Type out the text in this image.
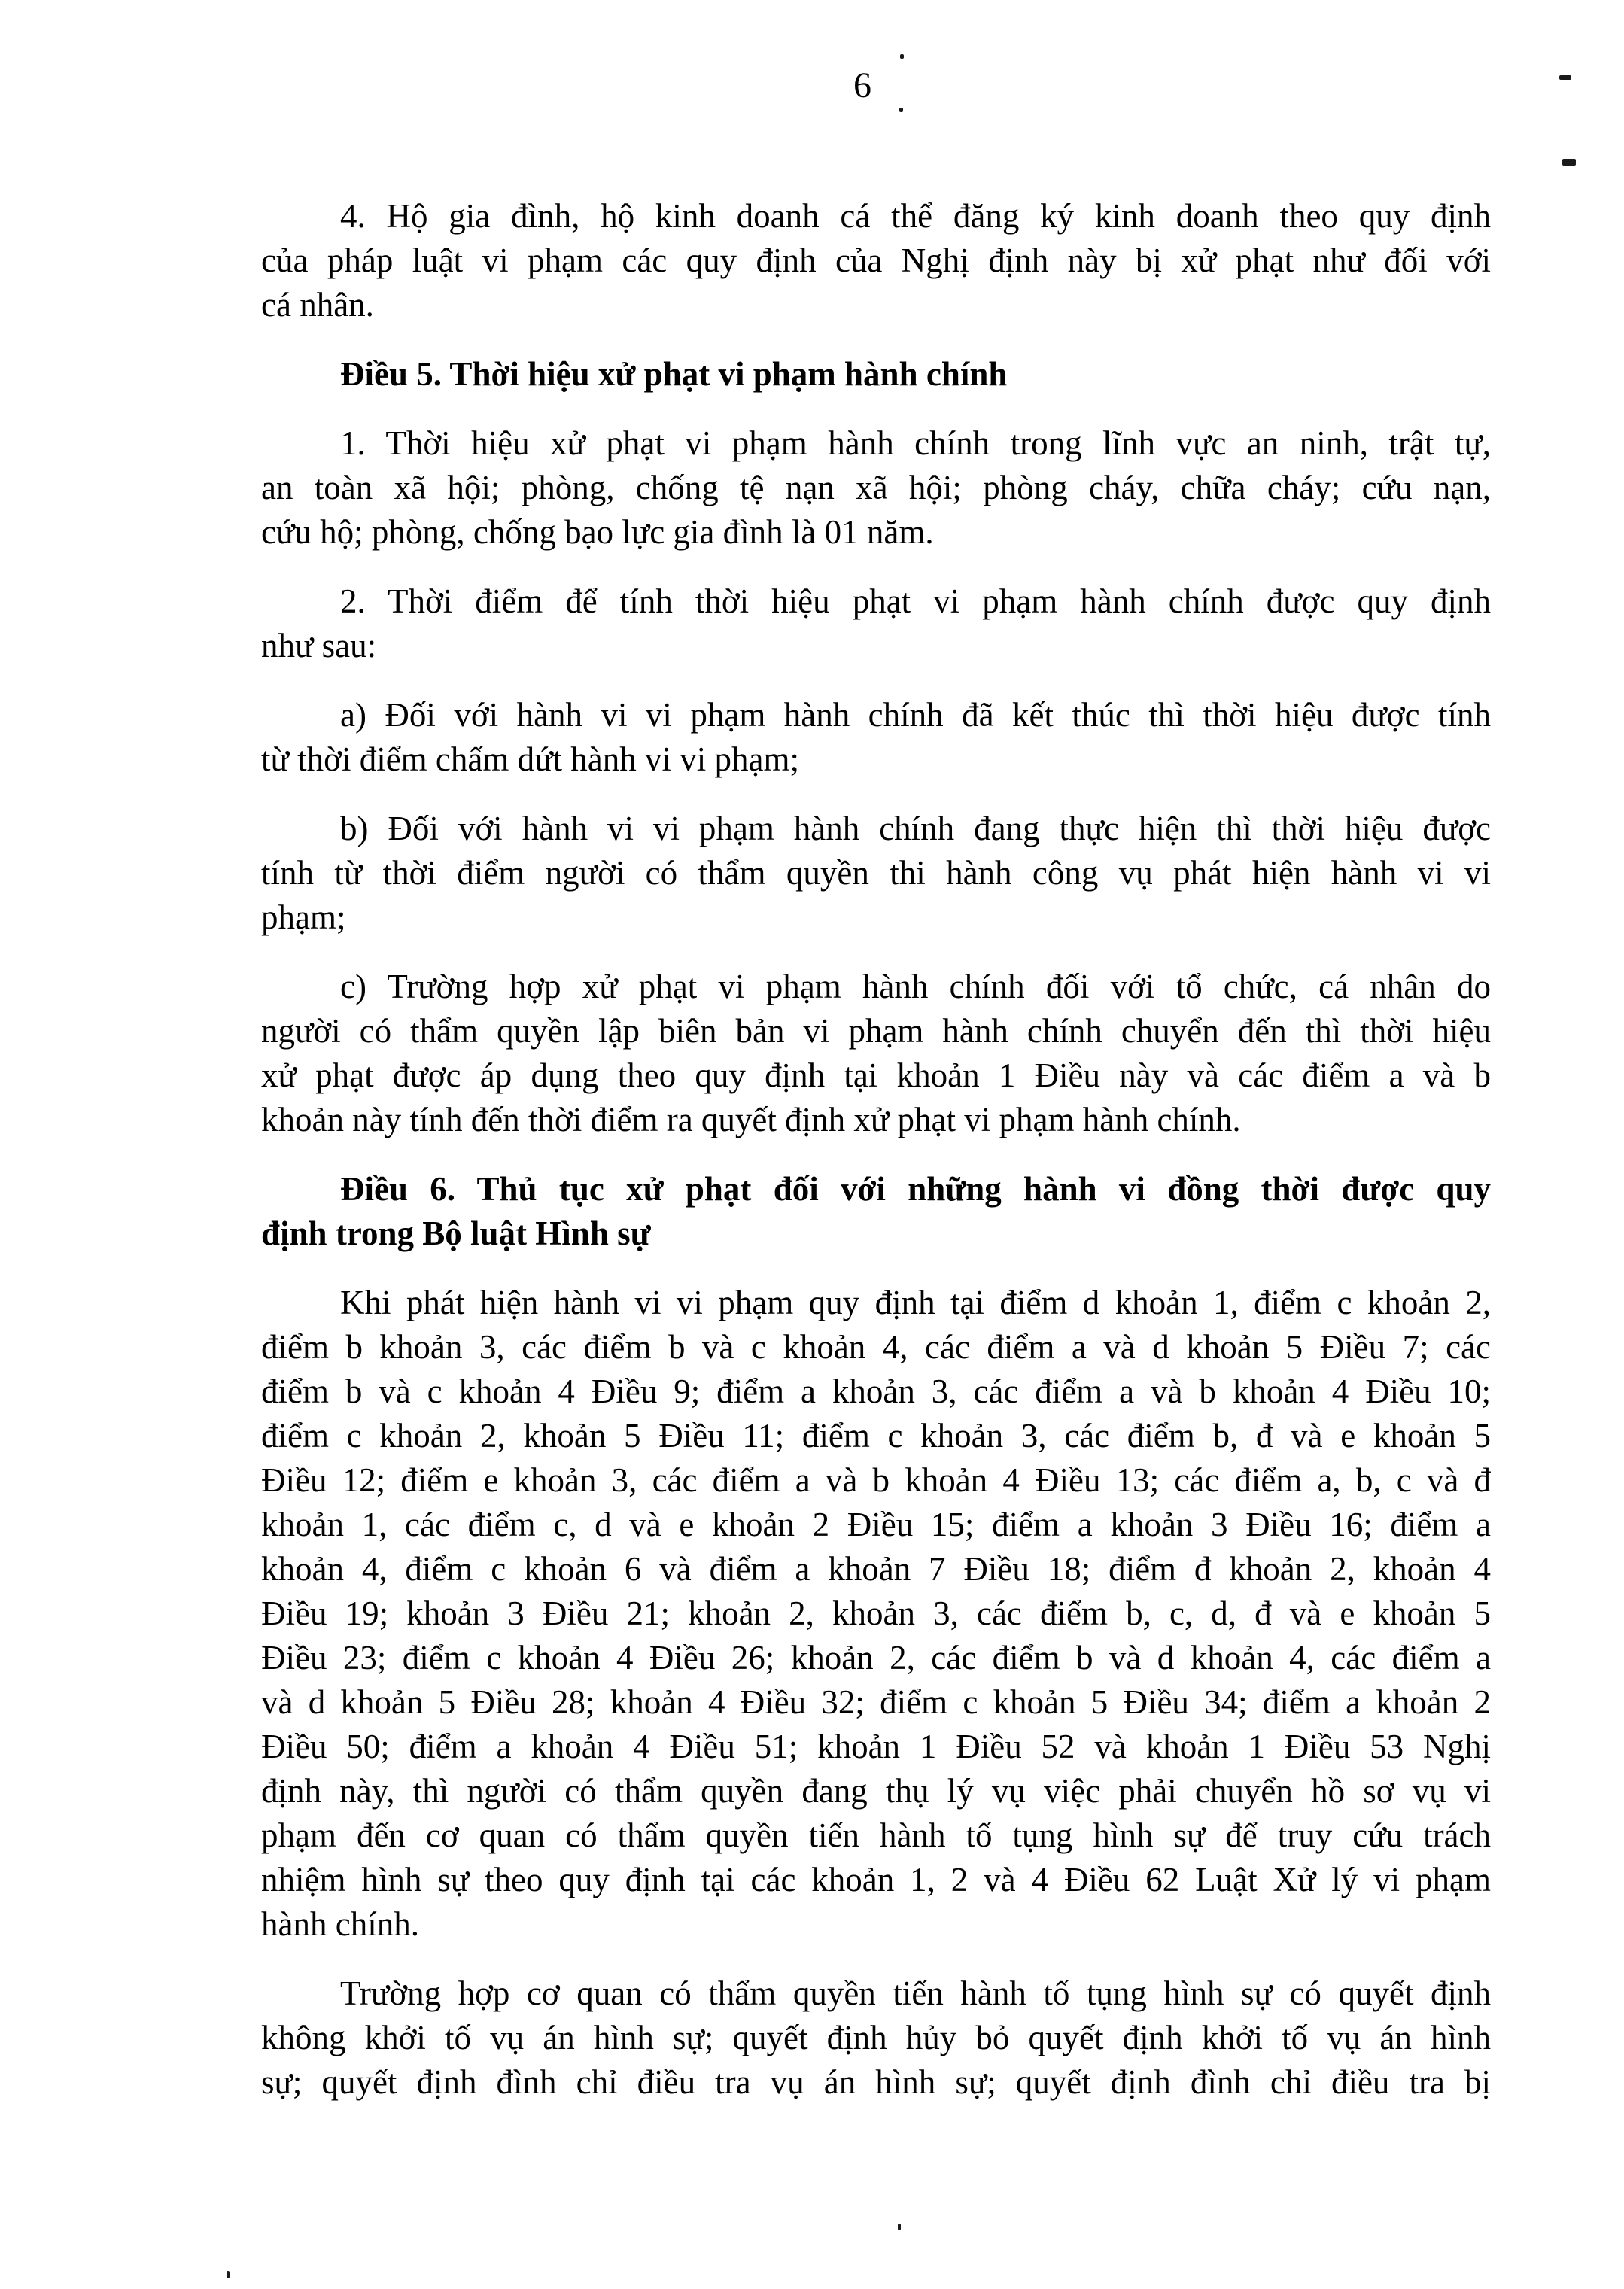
6
4. Hộ gia đình, hộ kinh doanh cá thể đăng ký kinh doanh theo quy định
của pháp luật vi phạm các quy định của Nghị định này bị xử phạt như đối với
cá nhân.
Điều 5. Thời hiệu xử phạt vi phạm hành chính
1. Thời hiệu xử phạt vi phạm hành chính trong lĩnh vực an ninh, trật tự,
an toàn xã hội; phòng, chống tệ nạn xã hội; phòng cháy, chữa cháy; cứu nạn,
cứu hộ; phòng, chống bạo lực gia đình là 01 năm.
2. Thời điểm để tính thời hiệu phạt vi phạm hành chính được quy định
như sau:
a) Đối với hành vi vi phạm hành chính đã kết thúc thì thời hiệu được tính
từ thời điểm chấm dứt hành vi vi phạm;
b) Đối với hành vi vi phạm hành chính đang thực hiện thì thời hiệu được
tính từ thời điểm người có thẩm quyền thi hành công vụ phát hiện hành vi vi
phạm;
c) Trường hợp xử phạt vi phạm hành chính đối với tổ chức, cá nhân do
người có thẩm quyền lập biên bản vi phạm hành chính chuyển đến thì thời hiệu
xử phạt được áp dụng theo quy định tại khoản 1 Điều này và các điểm a và b
khoản này tính đến thời điểm ra quyết định xử phạt vi phạm hành chính.
Điều 6. Thủ tục xử phạt đối với những hành vi đồng thời được quy
định trong Bộ luật Hình sự
Khi phát hiện hành vi vi phạm quy định tại điểm d khoản 1, điểm c khoản 2,
điểm b khoản 3, các điểm b và c khoản 4, các điểm a và d khoản 5 Điều 7; các
điểm b và c khoản 4 Điều 9; điểm a khoản 3, các điểm a và b khoản 4 Điều 10;
điểm c khoản 2, khoản 5 Điều 11; điểm c khoản 3, các điểm b, đ và e khoản 5
Điều 12; điểm e khoản 3, các điểm a và b khoản 4 Điều 13; các điểm a, b, c và đ
khoản 1, các điểm c, d và e khoản 2 Điều 15; điểm a khoản 3 Điều 16; điểm a
khoản 4, điểm c khoản 6 và điểm a khoản 7 Điều 18; điểm đ khoản 2, khoản 4
Điều 19; khoản 3 Điều 21; khoản 2, khoản 3, các điểm b, c, d, đ và e khoản 5
Điều 23; điểm c khoản 4 Điều 26; khoản 2, các điểm b và d khoản 4, các điểm a
và d khoản 5 Điều 28; khoản 4 Điều 32; điểm c khoản 5 Điều 34; điểm a khoản 2
Điều 50; điểm a khoản 4 Điều 51; khoản 1 Điều 52 và khoản 1 Điều 53 Nghị
định này, thì người có thẩm quyền đang thụ lý vụ việc phải chuyển hồ sơ vụ vi
phạm đến cơ quan có thẩm quyền tiến hành tố tụng hình sự để truy cứu trách
nhiệm hình sự theo quy định tại các khoản 1, 2 và 4 Điều 62 Luật Xử lý vi phạm
hành chính.
Trường hợp cơ quan có thẩm quyền tiến hành tố tụng hình sự có quyết định
không khởi tố vụ án hình sự; quyết định hủy bỏ quyết định khởi tố vụ án hình
sự; quyết định đình chỉ điều tra vụ án hình sự; quyết định đình chỉ điều tra bị
